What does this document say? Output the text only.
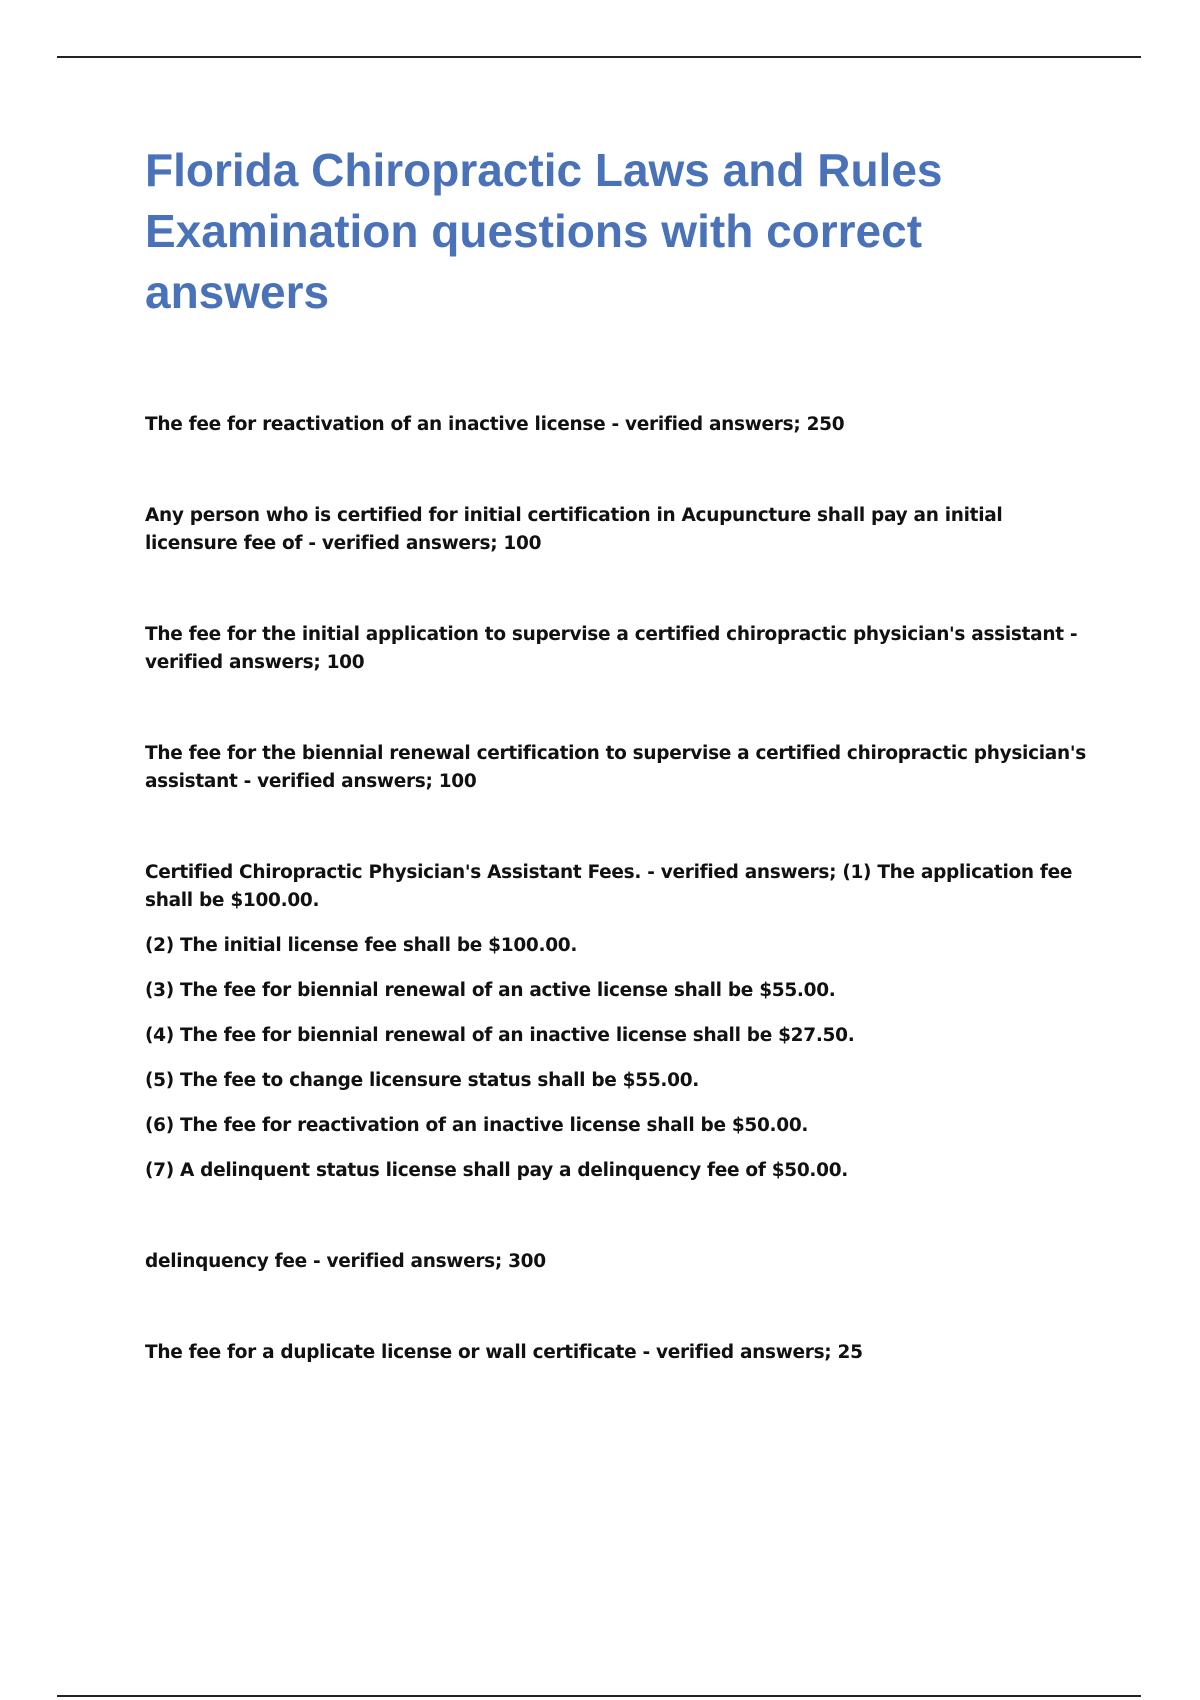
Florida Chiropractic Laws and Rules Examination questions with correct answers

The fee for reactivation of an inactive license - verified answers; 250

Any person who is certified for initial certification in Acupuncture shall pay an initial licensure fee of - verified answers; 100

The fee for the initial application to supervise a certified chiropractic physician's assistant - verified answers; 100

The fee for the biennial renewal certification to supervise a certified chiropractic physician's assistant - verified answers; 100

Certified Chiropractic Physician's Assistant Fees. - verified answers; (1) The application fee shall be $100.00.

(2) The initial license fee shall be $100.00.

(3) The fee for biennial renewal of an active license shall be $55.00.

(4) The fee for biennial renewal of an inactive license shall be $27.50.

(5) The fee to change licensure status shall be $55.00.

(6) The fee for reactivation of an inactive license shall be $50.00.

(7) A delinquent status license shall pay a delinquency fee of $50.00.

delinquency fee - verified answers; 300

The fee for a duplicate license or wall certificate - verified answers; 25
